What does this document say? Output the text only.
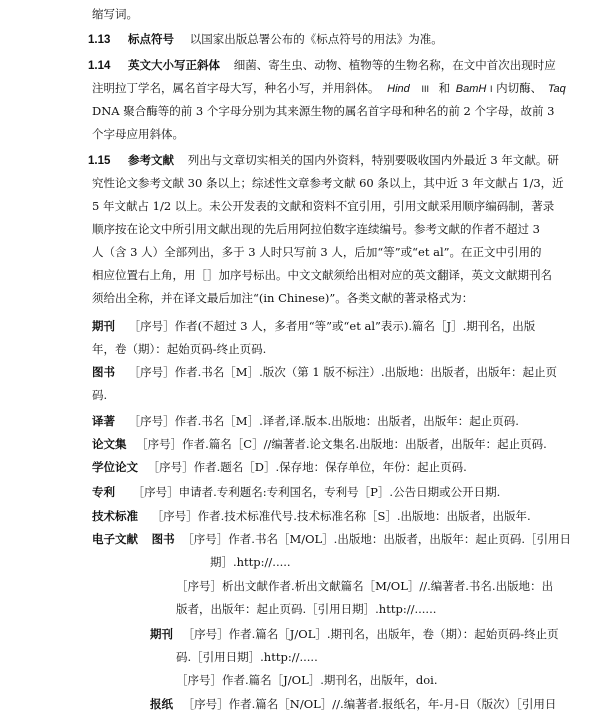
缩写词。
1.13 标点符号 以国家出版总署公布的《标点符号的用法》为准。
1.14 英文大小写正斜体 细菌、寄生虫、动物、植物等的生物名称，在文中首次出现时应
注明拉丁学名，属名首字母大写，种名小写，并用斜体。 Hind III 和 BamH I 内切酶、 Taq
DNA 聚合酶等的前 3 个字母分别为其来源生物的属名首字母和种名的前 2 个字母，故前 3
个字母应用斜体。
1.15 参考文献 列出与文章切实相关的国内外资料，特别要吸收国内外最近 3 年文献。研
究性论文参考文献 30 条以上；综述性文章参考文献 60 条以上，其中近 3 年文献占 1/3，近
5 年文献占 1/2 以上。未公开发表的文献和资料不宜引用，引用文献采用顺序编码制，著录
顺序按在论文中所引用文献出现的先后用阿拉伯数字连续编号。参考文献的作者不超过 3
人（含 3 人）全部列出，多于 3 人时只写前 3 人，后加“等”或“et al”。在正文中引用的
相应位置右上角，用［］加序号标出。中文文献须给出相对应的英文翻译，英文文献期刊名
须给出全称，并在译文最后加注“(in Chinese)”。各类文献的著录格式为：
期刊 ［序号］作者(不超过 3 人，多者用“等”或“et al”表示).篇名［J］.期刊名，出版
年，卷（期）：起始页码-终止页码.
图书 ［序号］作者.书名［M］.版次（第 1 版不标注）.出版地：出版者，出版年：起止页
码.
译著 ［序号］作者.书名［M］.译者,译.版本.出版地：出版者，出版年：起止页码.
论文集 ［序号］作者.篇名［C］//编著者.论文集名.出版地：出版者，出版年：起止页码.
学位论文 ［序号］作者.题名［D］.保存地：保存单位，年份：起止页码.
专利 ［序号］申请者.专利题名:专利国名，专利号［P］.公告日期或公开日期.
技术标准 ［序号］作者.技术标准代号.技术标准名称［S］.出版地：出版者，出版年.
电子文献 图书 ［序号］作者.书名［M/OL］.出版地：出版者，出版年：起止页码.［引用日
期］.http://.....
［序号］析出文献作者.析出文献篇名［M/OL］//.编著者.书名.出版地：出
版者，出版年：起止页码.［引用日期］.http://......
期刊 ［序号］作者.篇名［J/OL］.期刊名，出版年，卷（期）：起始页码-终止页
码.［引用日期］.http://.....
［序号］作者.篇名［J/OL］.期刊名，出版年，doi.
报纸 ［序号］作者.篇名［N/OL］//.编著者.报纸名，年-月-日（版次）［引用日
